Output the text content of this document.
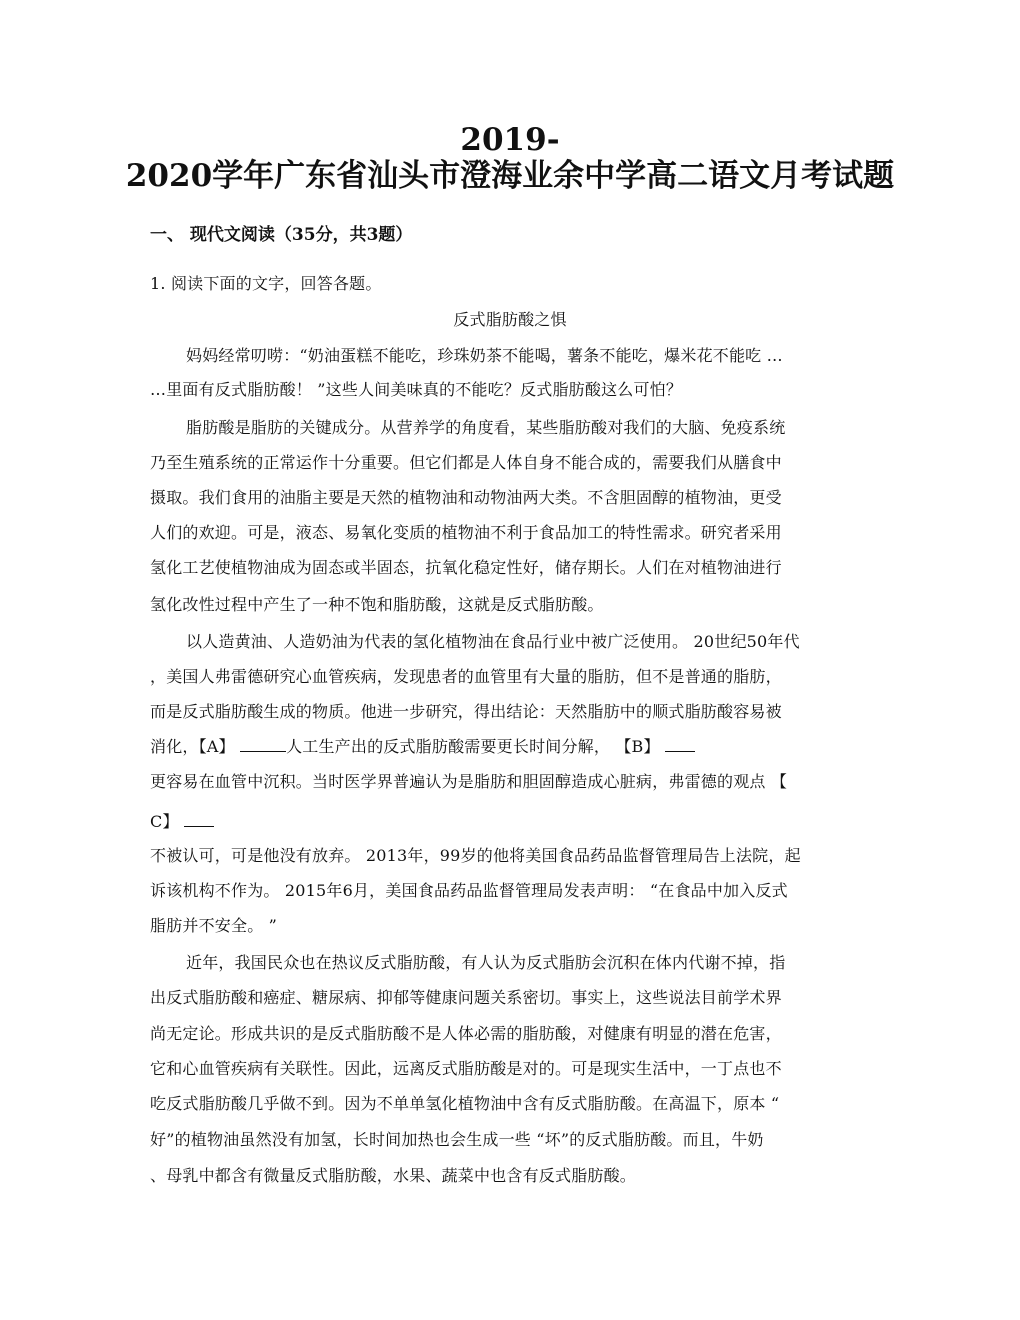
2019-
2020学年广东省汕头市澄海业余中学高二语文月考试题
一、 现代文阅读（35分，共3题）
1. 阅读下面的文字，回答各题。
反式脂肪酸之惧
妈妈经常叨唠：“奶油蛋糕不能吃，珍珠奶茶不能喝，薯条不能吃，爆米花不能吃 …
…里面有反式脂肪酸！ ”这些人间美味真的不能吃？反式脂肪酸这么可怕？
脂肪酸是脂肪的关键成分。从营养学的角度看，某些脂肪酸对我们的大脑、免疫系统
乃至生殖系统的正常运作十分重要。但它们都是人体自身不能合成的，需要我们从膳食中
摄取。我们食用的油脂主要是天然的植物油和动物油两大类。不含胆固醇的植物油，更受
人们的欢迎。可是，液态、易氧化变质的植物油不利于食品加工的特性需求。研究者采用
氢化工艺使植物油成为固态或半固态，抗氧化稳定性好，储存期长。人们在对植物油进行
氢化改性过程中产生了一种不饱和脂肪酸，这就是反式脂肪酸。
以人造黄油、人造奶油为代表的氢化植物油在食品行业中被广泛使用。 20世纪50年代
，美国人弗雷德研究心血管疾病，发现患者的血管里有大量的脂肪，但不是普通的脂肪，
而是反式脂肪酸生成的物质。他进一步研究，得出结论：天然脂肪中的顺式脂肪酸容易被
消化，【A】	人工生产出的反式脂肪酸需要更长时间分解， 【B】
更容易在血管中沉积。当时医学界普遍认为是脂肪和胆固醇造成心脏病，弗雷德的观点 【
C】
不被认可，可是他没有放弃。 2013年，99岁的他将美国食品药品监督管理局告上法院，起
诉该机构不作为。 2015年6月，美国食品药品监督管理局发表声明： “在食品中加入反式
脂肪并不安全。 ”
近年，我国民众也在热议反式脂肪酸，有人认为反式脂肪会沉积在体内代谢不掉，指
出反式脂肪酸和癌症、糖尿病、抑郁等健康问题关系密切。事实上，这些说法目前学术界
尚无定论。形成共识的是反式脂肪酸不是人体必需的脂肪酸，对健康有明显的潜在危害，
它和心血管疾病有关联性。因此，远离反式脂肪酸是对的。可是现实生活中，一丁点也不
吃反式脂肪酸几乎做不到。因为不单单氢化植物油中含有反式脂肪酸。在高温下，原本 “
好”的植物油虽然没有加氢，长时间加热也会生成一些 “坏”的反式脂肪酸。而且，牛奶
、母乳中都含有微量反式脂肪酸，水果、蔬菜中也含有反式脂肪酸。
